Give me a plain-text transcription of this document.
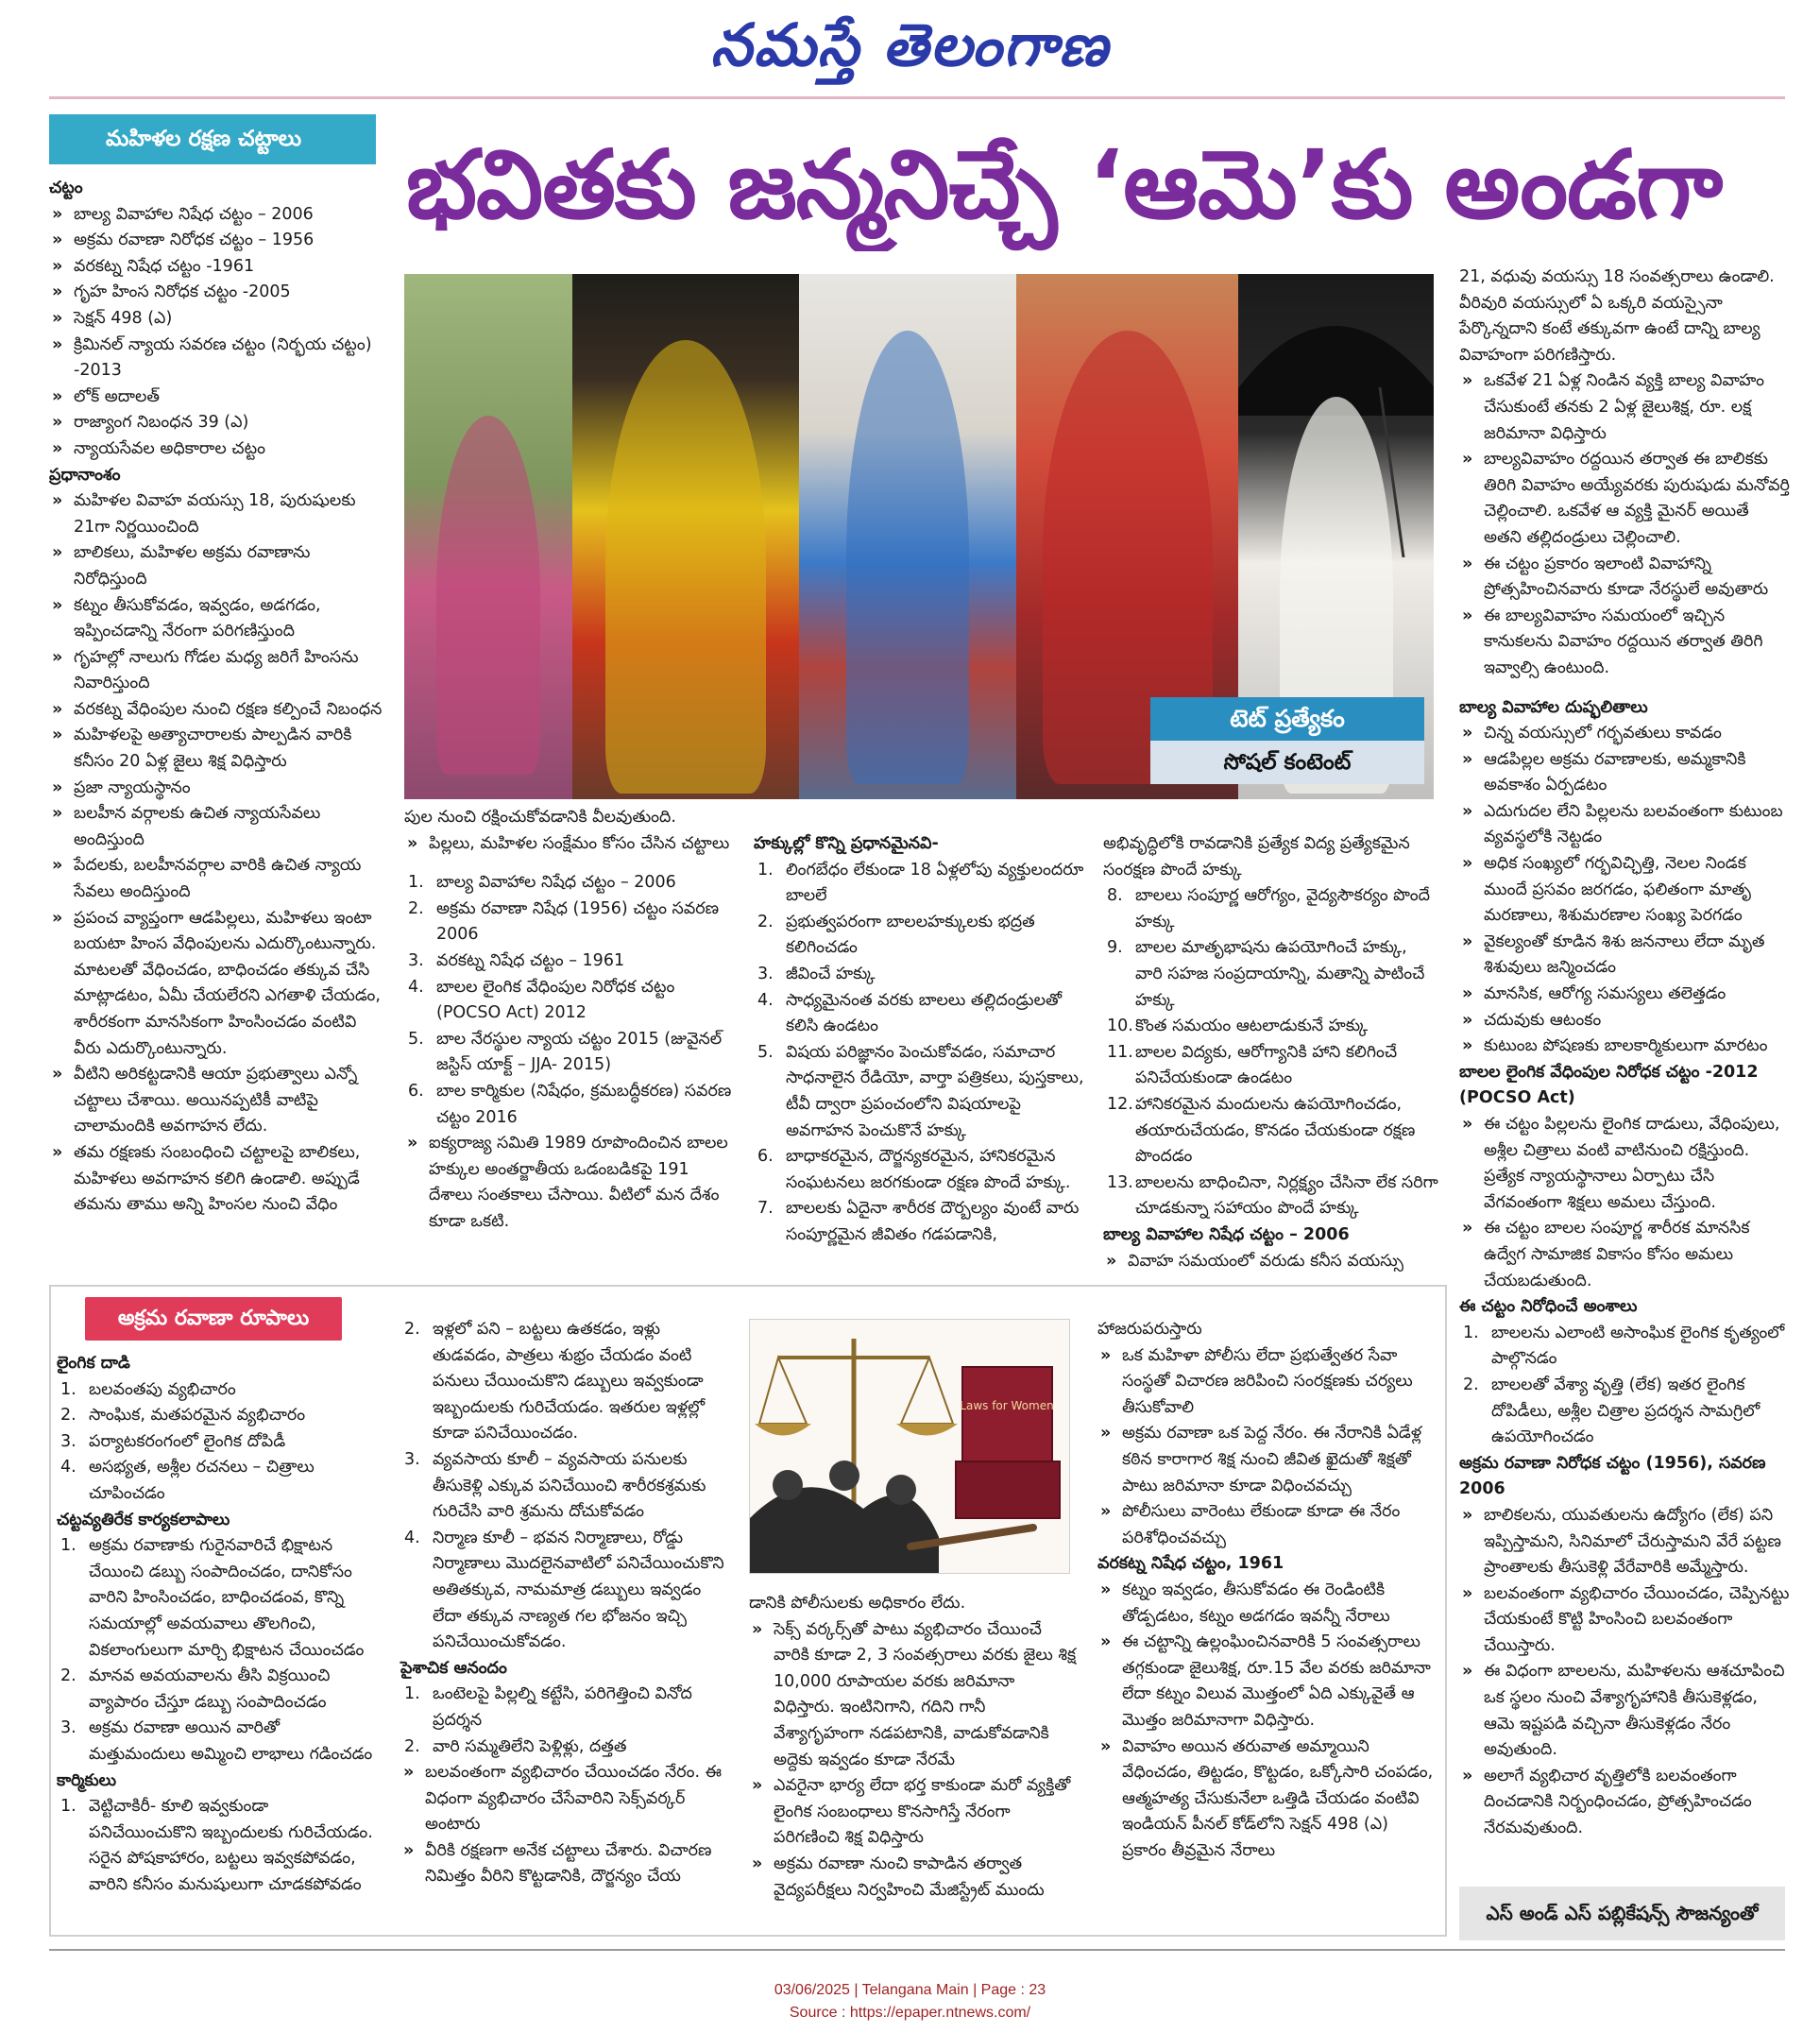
నమస్తే తెలంగాణ
మహిళల రక్షణ చట్టాలు	భవితకు జన్మనిచ్చే ‘ఆమె’కు అండగా
టెట్ ప్రత్యేకం
సోషల్ కంటెంట్

చట్టం

» బాల్య వివాహాల నిషేధ చట్టం – 2006

» అక్రమ రవాణా నిరోధక చట్టం – 1956

» వరకట్న నిషేధ చట్టం -1961

» గృహ హింస నిరోధక చట్టం -2005

» సెక్షన్ 498 (ఎ)

» క్రిమినల్ న్యాయ సవరణ చట్టం (నిర్భయ చట్టం) -2013

» లోక్ అదాలత్

» రాజ్యాంగ నిబంధన 39 (ఎ)

» న్యాయసేవల అధికారాల చట్టం

ప్రధానాంశం

» మహిళల వివాహ వయస్సు 18, పురుషులకు 21గా నిర్ణయించింది

» బాలికలు, మహిళల అక్రమ రవాణాను నిరోధిస్తుంది

» కట్నం తీసుకోవడం, ఇవ్వడం, అడగడం, ఇప్పించడాన్ని నేరంగా పరిగణిస్తుంది

» గృహల్లో నాలుగు గోడల మధ్య జరిగే హింసను నివారిస్తుంది

» వరకట్న వేధింపుల నుంచి రక్షణ కల్పించే నిబంధన

» మహిళలపై అత్యాచారాలకు పాల్పడిన వారికి కనీసం 20 ఏళ్ల జైలు శిక్ష విధిస్తారు

» ప్రజా న్యాయస్థానం

» బలహీన వర్గాలకు ఉచిత న్యాయసేవలు అందిస్తుంది

» పేదలకు, బలహీనవర్గాల వారికి ఉచిత న్యాయ సేవలు అందిస్తుంది

» ప్రపంచ వ్యాప్తంగా ఆడపిల్లలు, మహిళలు ఇంటా బయటా హింస వేధింపులను ఎదుర్కొంటున్నారు. మాటలతో వేధించడం, బాధించడం తక్కువ చేసి మాట్లాడటం, ఏమీ చేయలేరని ఎగతాళి చేయడం, శారీరకంగా మానసికంగా హింసించడం వంటివి వీరు ఎదుర్కొంటున్నారు.

» వీటిని అరికట్టడానికి ఆయా ప్రభుత్వాలు ఎన్నో చట్టాలు చేశాయి. అయినప్పటికీ వాటిపై చాలామందికి అవగాహన లేదు.

» తమ రక్షణకు సంబంధించి చట్టాలపై బాలికలు, మహిళలు అవగాహన కలిగి ఉండాలి. అప్పుడే తమను తాము అన్ని హింసల నుంచి వేధిం

పుల నుంచి రక్షించుకోవడానికి వీలవుతుంది.

» పిల్లలు, మహిళల సంక్షేమం కోసం చేసిన చట్టాలు

1. బాల్య వివాహాల నిషేధ చట్టం – 2006

2. అక్రమ రవాణా నిషేధ (1956) చట్టం సవరణ 2006

3. వరకట్న నిషేధ చట్టం – 1961

4. బాలల లైంగిక వేధింపుల నిరోధక చట్టం (POCSO Act) 2012

5. బాల నేరస్థుల న్యాయ చట్టం 2015 (జువైనల్ జస్టిస్ యాక్ట్ – JJA- 2015)

6. బాల కార్మికుల (నిషేధం, క్రమబద్ధీకరణ) సవరణ చట్టం 2016

» ఐక్యరాజ్య సమితి 1989 రూపొందించిన బాలల హక్కుల అంతర్జాతీయ ఒడంబడికపై 191 దేశాలు సంతకాలు చేసాయి. వీటిలో మన దేశం కూడా ఒకటి.

హక్కుల్లో కొన్ని ప్రధానమైనవి-

1. లింగబేధం లేకుండా 18 ఏళ్లలోపు వ్యక్తులందరూ బాలలే

2. ప్రభుత్వపరంగా బాలలహక్కులకు భద్రత కలిగించడం

3. జీవించే హక్కు

4. సాధ్యమైనంత వరకు బాలలు తల్లిదండ్రులతో కలిసి ఉండటం

5. విషయ పరిజ్ఞానం పెంచుకోవడం, సమాచార సాధనాలైన రేడియో, వార్తా పత్రికలు, పుస్తకాలు, టీవీ ద్వారా ప్రపంచంలోని విషయాలపై అవగాహన పెంచుకొనే హక్కు

6. బాధాకరమైన, దౌర్జన్యకరమైన, హానికరమైన సంఘటనలు జరగకుండా రక్షణ పొందే హక్కు.

7. బాలలకు ఏదైనా శారీరక దౌర్బల్యం వుంటే వారు సంపూర్ణమైన జీవితం గడపడానికి,

అభివృద్ధిలోకి రావడానికి ప్రత్యేక విద్య ప్రత్యేకమైన సంరక్షణ పొందే హక్కు

8. బాలలు సంపూర్ణ ఆరోగ్యం, వైద్యసౌకర్యం పొందే హక్కు

9. బాలల మాతృభాషను ఉపయోగించే హక్కు, వారి సహజ సంప్రదాయాన్ని, మతాన్ని పాటించే హక్కు

10. కొంత సమయం ఆటలాడుకునే హక్కు

11. బాలల విద్యకు, ఆరోగ్యానికి హాని కలిగించే పనిచేయకుండా ఉండటం

12. హానికరమైన మందులను ఉపయోగించడం, తయారుచేయడం, కొనడం చేయకుండా రక్షణ పొందడం

13. బాలలను బాధించినా, నిర్లక్ష్యం చేసినా లేక సరిగా చూడకున్నా సహాయం పొందే హక్కు

బాల్య వివాహాల నిషేధ చట్టం – 2006

» వివాహ సమయంలో వరుడు కనీస వయస్సు

21, వధువు వయస్సు 18 సంవత్సరాలు ఉండాలి. వీరివురి వయస్సులో ఏ ఒక్కరి వయస్సైనా పేర్కొన్నదాని కంటే తక్కువగా ఉంటే దాన్ని బాల్య వివాహంగా పరిగణిస్తారు.

» ఒకవేళ 21 ఏళ్ల నిండిన వ్యక్తి బాల్య వివాహం చేసుకుంటే తనకు 2 ఏళ్ల జైలుశిక్ష, రూ. లక్ష జరిమానా విధిస్తారు

» బాల్యవివాహం రద్దయిన తర్వాత ఈ బాలికకు తిరిగి వివాహం అయ్యేవరకు పురుషుడు మనోవర్తి చెల్లించాలి. ఒకవేళ ఆ వ్యక్తి మైనర్ అయితే అతని తల్లిదండ్రులు చెల్లించాలి.

» ఈ చట్టం ప్రకారం ఇలాంటి వివాహాన్ని ప్రోత్సహించినవారు కూడా నేరస్థులే అవుతారు

» ఈ బాల్యవివాహం సమయంలో ఇచ్చిన కానుకలను వివాహం రద్దయిన తర్వాత తిరిగి ఇవ్వాల్సి ఉంటుంది.

బాల్య వివాహాల దుష్ఫలితాలు

» చిన్న వయస్సులో గర్భవతులు కావడం

» ఆడపిల్లల అక్రమ రవాణాలకు, అమ్మకానికి అవకాశం ఏర్పడటం

» ఎదుగుదల లేని పిల్లలను బలవంతంగా కుటుంబ వ్యవస్థలోకి నెట్టడం

» అధిక సంఖ్యలో గర్భవిచ్ఛిత్తి, నెలల నిండక ముందే ప్రసవం జరగడం, ఫలితంగా మాతృ మరణాలు, శిశుమరణాల సంఖ్య పెరగడం

» వైకల్యంతో కూడిన శిశు జననాలు లేదా మృత శిశువులు జన్మించడం

» మానసిక, ఆరోగ్య సమస్యలు తలెత్తడం

» చదువుకు ఆటంకం

» కుటుంబ పోషణకు బాలకార్మికులుగా మారటం

బాలల లైంగిక వేధింపుల నిరోధక చట్టం -2012 (POCSO Act)

» ఈ చట్టం పిల్లలను లైంగిక దాడులు, వేధింపులు, అశ్లీల చిత్రాలు వంటి వాటినుంచి రక్షిస్తుంది. ప్రత్యేక న్యాయస్థానాలు ఏర్పాటు చేసి వేగవంతంగా శిక్షలు అమలు చేస్తుంది.

» ఈ చట్టం బాలల సంపూర్ణ శారీరక మానసిక ఉద్వేగ సామాజిక వికాసం కోసం అమలు చేయబడుతుంది.

ఈ చట్టం నిరోధించే అంశాలు

1. బాలలను ఎలాంటి అసాంఘిక లైంగిక కృత్యంలో పాల్గొనడం

2. బాలలతో వేశ్యా వృత్తి (లేక) ఇతర లైంగిక దోపిడీలు, అశ్లీల చిత్రాల ప్రదర్శన సామగ్రిలో ఉపయోగించడం

అక్రమ రవాణా నిరోధక చట్టం (1956), సవరణ 2006

» బాలికలను, యువతులను ఉద్యోగం (లేక) పని ఇప్పిస్తామని, సినిమాలో చేరుస్తామని వేరే పట్టణ ప్రాంతాలకు తీసుకెళ్లి వేరేవారికి అమ్మేస్తారు.

» బలవంతంగా వ్యభిచారం చేయించడం, చెప్పినట్టు చేయకుంటే కొట్టి హింసించి బలవంతంగా చేయిస్తారు.

» ఈ విధంగా బాలలను, మహిళలను ఆశచూపించి ఒక స్థలం నుంచి వేశ్యాగృహానికి తీసుకెళ్లడం, ఆమె ఇష్టపడి వచ్చినా తీసుకెళ్లడం నేరం అవుతుంది.

» అలాగే వ్యభిచార వృత్తిలోకి బలవంతంగా దించడానికి నిర్బంధించడం, ప్రోత్సహించడం నేరమవుతుంది.

అక్రమ రవాణా రూపాలు

లైంగిక దాడి

1. బలవంతపు వ్యభిచారం

2. సాంఘిక, మతపరమైన వ్యభిచారం

3. పర్యాటకరంగంలో లైంగిక దోపిడీ

4. అసభ్యత, అశ్లీల రచనలు – చిత్రాలు చూపించడం

చట్టవ్యతిరేక కార్యకలాపాలు

1. అక్రమ రవాణాకు గురైనవారిచే భిక్షాటన చేయించి డబ్బు సంపాదించడం, దానికోసం వారిని హింసించడం, బాధించడంవ, కొన్ని సమయాల్లో అవయవాలు తొలగించి, వికలాంగులుగా మార్చి భిక్షాటన చేయించడం

2. మానవ అవయవాలను తీసి విక్రయించి వ్యాపారం చేస్తూ డబ్బు సంపాదించడం

3. అక్రమ రవాణా అయిన వారితో మత్తుమందులు అమ్మించి లాభాలు గడించడం

కార్మికులు

1. వెట్టిచాకిరీ- కూలి ఇవ్వకుండా పనిచేయించుకొని ఇబ్బందులకు గురిచేయడం. సరైన పోషకాహారం, బట్టలు ఇవ్వకపోవడం, వారిని కనీసం మనుషులుగా చూడకపోవడం

2. ఇళ్లలో పని – బట్టలు ఉతకడం, ఇళ్లు తుడవడం, పాత్రలు శుభ్రం చేయడం వంటి పనులు చేయించుకొని డబ్బులు ఇవ్వకుండా ఇబ్బందులకు గురిచేయడం. ఇతరుల ఇళ్లల్లో కూడా పనిచేయించడం.

3. వ్యవసాయ కూలీ – వ్యవసాయ పనులకు తీసుకెళ్లి ఎక్కువ పనిచేయించి శారీరకశ్రమకు గురిచేసి వారి శ్రమను దోచుకోవడం

4. నిర్మాణ కూలీ – భవన నిర్మాణాలు, రోడ్డు నిర్మాణాలు మొదలైనవాటిలో పనిచేయించుకొని అతితక్కువ, నామమాత్ర డబ్బులు ఇవ్వడం లేదా తక్కువ నాణ్యత గల భోజనం ఇచ్చి పనిచేయించుకోవడం.

పైశాచిక ఆనందం

1. ఒంటెలపై పిల్లల్ని కట్టేసి, పరిగెత్తించి వినోద ప్రదర్శన

2. వారి సమ్మతిలేని పెళ్లిళ్లు, దత్తత

» బలవంతంగా వ్యభిచారం చేయించడం నేరం. ఈ విధంగా వ్యభిచారం చేసేవారిని సెక్స్‌వర్కర్ అంటారు

» వీరికి రక్షణగా అనేక చట్టాలు చేశారు. విచారణ నిమిత్తం వీరిని కొట్టడానికి, దౌర్జన్యం చేయ

డానికి పోలీసులకు అధికారం లేదు.

» సెక్స్ వర్కర్స్‌తో పాటు వ్యభిచారం చేయించే వారికి కూడా 2, 3 సంవత్సరాలు వరకు జైలు శిక్ష 10,000 రూపాయల వరకు జరిమానా విధిస్తారు. ఇంటినిగాని, గదిని గానీ వేశ్యాగృహంగా నడపటానికి, వాడుకోవడానికి అద్దెకు ఇవ్వడం కూడా నేరమే

» ఎవరైనా భార్య లేదా భర్త కాకుండా మరో వ్యక్తితో లైంగిక సంబంధాలు కొనసాగిస్తే నేరంగా పరిగణించి శిక్ష విధిస్తారు

» అక్రమ రవాణా నుంచి కాపాడిన తర్వాత వైద్యపరీక్షలు నిర్వహించి మేజిస్ట్రేట్ ముందు

హాజరుపరుస్తారు

» ఒక మహిళా పోలీసు లేదా ప్రభుత్వేతర సేవా సంస్థతో విచారణ జరిపించి సంరక్షణకు చర్యలు తీసుకోవాలి

» అక్రమ రవాణా ఒక పెద్ద నేరం. ఈ నేరానికి ఏడేళ్ల కఠిన కారాగార శిక్ష నుంచి జీవిత ఖైదుతో శిక్షతో పాటు జరిమానా కూడా విధించవచ్చు

» పోలీసులు వారెంటు లేకుండా కూడా ఈ నేరం పరిశోధించవచ్చు

వరకట్న నిషేధ చట్టం, 1961

» కట్నం ఇవ్వడం, తీసుకోవడం ఈ రెండింటికి తోడ్పడటం, కట్నం అడగడం ఇవన్నీ నేరాలు

» ఈ చట్టాన్ని ఉల్లంఘించినవారికి 5 సంవత్సరాలు తగ్గకుండా జైలుశిక్ష, రూ.15 వేల వరకు జరిమానా లేదా కట్నం విలువ మొత్తంలో ఏది ఎక్కువైతే ఆ మొత్తం జరిమానాగా విధిస్తారు.

» వివాహం అయిన తరువాత అమ్మాయిని వేధించడం, తిట్టడం, కొట్టడం, ఒక్కోసారి చంపడం, ఆత్మహత్య చేసుకునేలా ఒత్తిడి చేయడం వంటివి ఇండియన్ పీనల్ కోడ్‌లోని సెక్షన్ 498 (ఎ) ప్రకారం తీవ్రమైన నేరాలు

Laws for Women
ఎస్ అండ్ ఎస్ పబ్లికేషన్స్ సౌజన్యంతో
03/06/2025 | Telangana Main | Page : 23
Source : https://epaper.ntnews.com/
